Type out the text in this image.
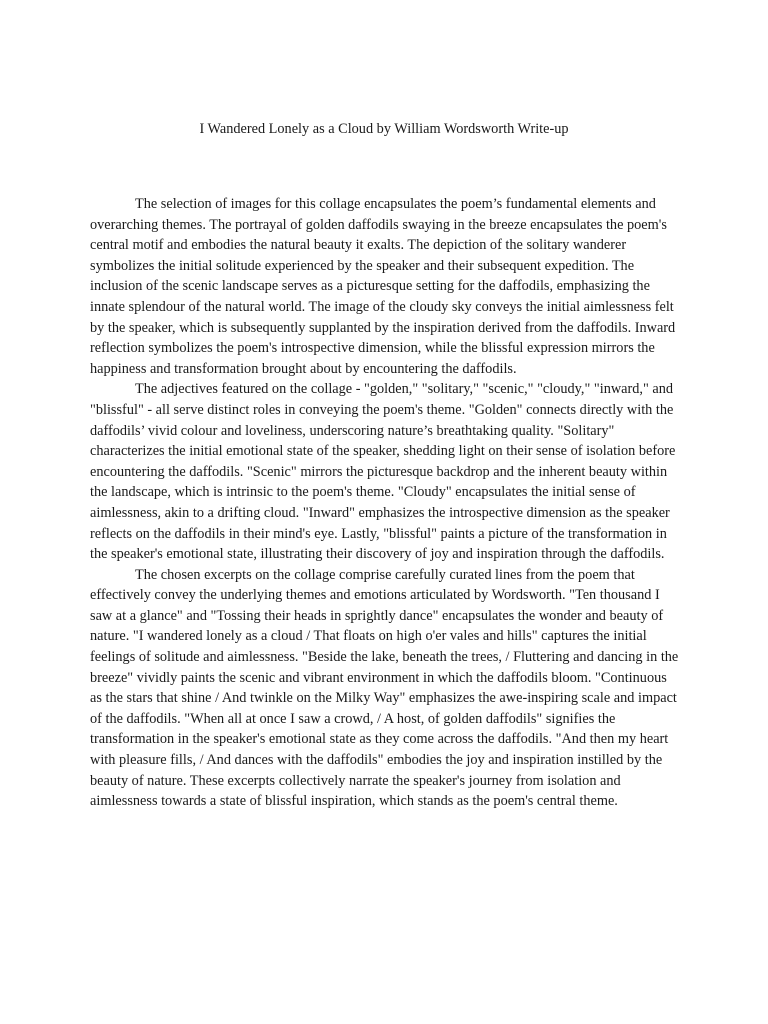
I Wandered Lonely as a Cloud by William Wordsworth Write-up

The selection of images for this collage encapsulates the poem’s fundamental elements and overarching themes. The portrayal of golden daffodils swaying in the breeze encapsulates the poem's central motif and embodies the natural beauty it exalts. The depiction of the solitary wanderer symbolizes the initial solitude experienced by the speaker and their subsequent expedition. The inclusion of the scenic landscape serves as a picturesque setting for the daffodils, emphasizing the innate splendour of the natural world. The image of the cloudy sky conveys the initial aimlessness felt by the speaker, which is subsequently supplanted by the inspiration derived from the daffodils. Inward reflection symbolizes the poem's introspective dimension, while the blissful expression mirrors the happiness and transformation brought about by encountering the daffodils.

The adjectives featured on the collage - "golden," "solitary," "scenic," "cloudy," "inward," and "blissful" - all serve distinct roles in conveying the poem's theme. "Golden" connects directly with the daffodils’ vivid colour and loveliness, underscoring nature’s breathtaking quality. "Solitary" characterizes the initial emotional state of the speaker, shedding light on their sense of isolation before encountering the daffodils. "Scenic" mirrors the picturesque backdrop and the inherent beauty within the landscape, which is intrinsic to the poem's theme. "Cloudy" encapsulates the initial sense of aimlessness, akin to a drifting cloud. "Inward" emphasizes the introspective dimension as the speaker reflects on the daffodils in their mind's eye. Lastly, "blissful" paints a picture of the transformation in the speaker's emotional state, illustrating their discovery of joy and inspiration through the daffodils.

The chosen excerpts on the collage comprise carefully curated lines from the poem that effectively convey the underlying themes and emotions articulated by Wordsworth. "Ten thousand I saw at a glance" and "Tossing their heads in sprightly dance" encapsulates the wonder and beauty of nature. "I wandered lonely as a cloud / That floats on high o'er vales and hills" captures the initial feelings of solitude and aimlessness. "Beside the lake, beneath the trees, / Fluttering and dancing in the breeze" vividly paints the scenic and vibrant environment in which the daffodils bloom. "Continuous as the stars that shine / And twinkle on the Milky Way" emphasizes the awe-inspiring scale and impact of the daffodils. "When all at once I saw a crowd, / A host, of golden daffodils" signifies the transformation in the speaker's emotional state as they come across the daffodils. "And then my heart with pleasure fills, / And dances with the daffodils" embodies the joy and inspiration instilled by the beauty of nature. These excerpts collectively narrate the speaker's journey from isolation and aimlessness towards a state of blissful inspiration, which stands as the poem's central theme.
